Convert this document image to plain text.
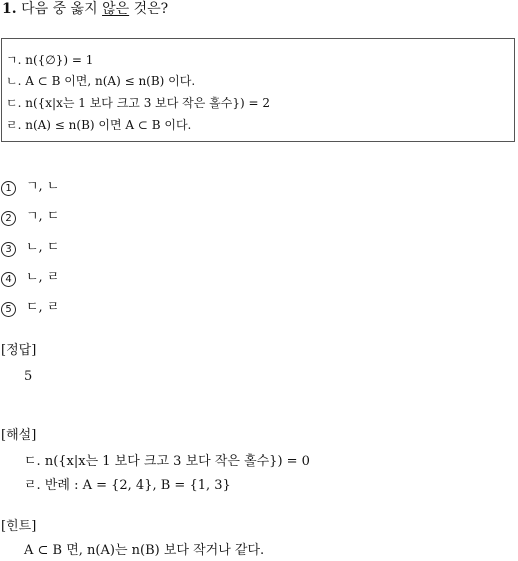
1. 다음 중 옳지 않은 것은?
ㄱ. n({∅}) = 1
ㄴ. A ⊂ B 이면, n(A) ≤ n(B) 이다.
ㄷ. n({x|x는 1 보다 크고 3 보다 작은 홀수}) = 2
ㄹ. n(A) ≤ n(B) 이면 A ⊂ B 이다.
1 ㄱ, ㄴ
2 ㄱ, ㄷ
3 ㄴ, ㄷ
4 ㄴ, ㄹ
5 ㄷ, ㄹ
[정답]
5
[해설]
ㄷ. n({x|x는 1 보다 크고 3 보다 작은 홀수}) = 0
ㄹ. 반례 : A = {2, 4}, B = {1, 3}
[힌트]
A ⊂ B 면, n(A)는 n(B) 보다 작거나 같다.
